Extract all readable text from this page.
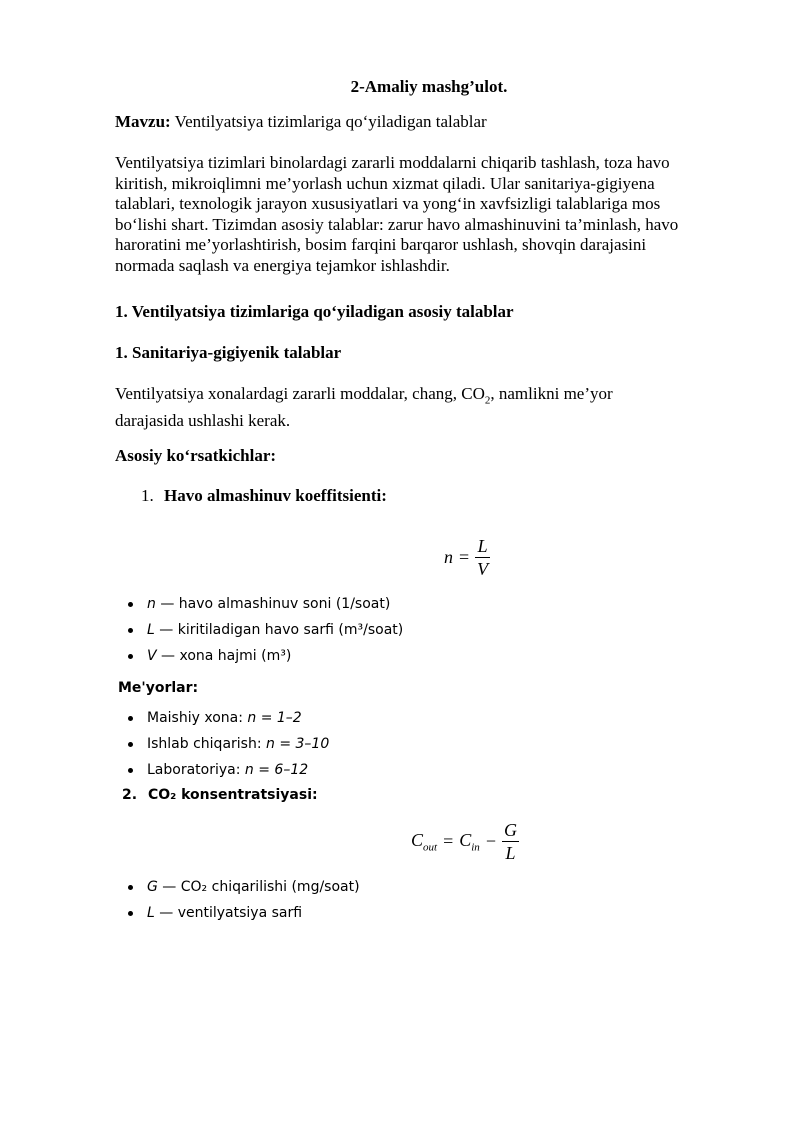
2-Amaliy mashg’ulot.
Mavzu: Ventilyatsiya tizimlariga qo‘yiladigan talablar
Ventilyatsiya tizimlari binolardagi zararli moddalarni chiqarib tashlash, toza havo
kiritish, mikroiqlimni me’yorlash uchun xizmat qiladi. Ular sanitariya-gigiyena
talablari, texnologik jarayon xususiyatlari va yong‘in xavfsizligi talablariga mos
bo‘lishi shart. Tizimdan asosiy talablar: zarur havo almashinuvini ta’minlash, havo
haroratini me’yorlashtirish, bosim farqini barqaror ushlash, shovqin darajasini
normada saqlash va energiya tejamkor ishlashdir.
1. Ventilyatsiya tizimlariga qo‘yiladigan asosiy talablar
1. Sanitariya-gigiyenik talablar
Ventilyatsiya xonalardagi zararli moddalar, chang, $CO_2$, namlikni me’yor
darajasida ushlashi kerak.
Asosiy ko‘rsatkichlar:
1. Havo almashinuv koeffitsienti:
n =
L
V
n — havo almashinuv soni (1/soat)
L — kiritiladigan havo sarfi (m³/soat)
V — xona hajmi (m³)
Me'yorlar:
Maishiy xona: n = 1–2
Ishlab chiqarish: n = 3–10
Laboratoriya: n = 6–12
2. CO₂ konsentratsiyasi:
$C_{out} = C_{in}$ −
G
L
G — CO₂ chiqarilishi (mg/soat)
L — ventilyatsiya sarfi
